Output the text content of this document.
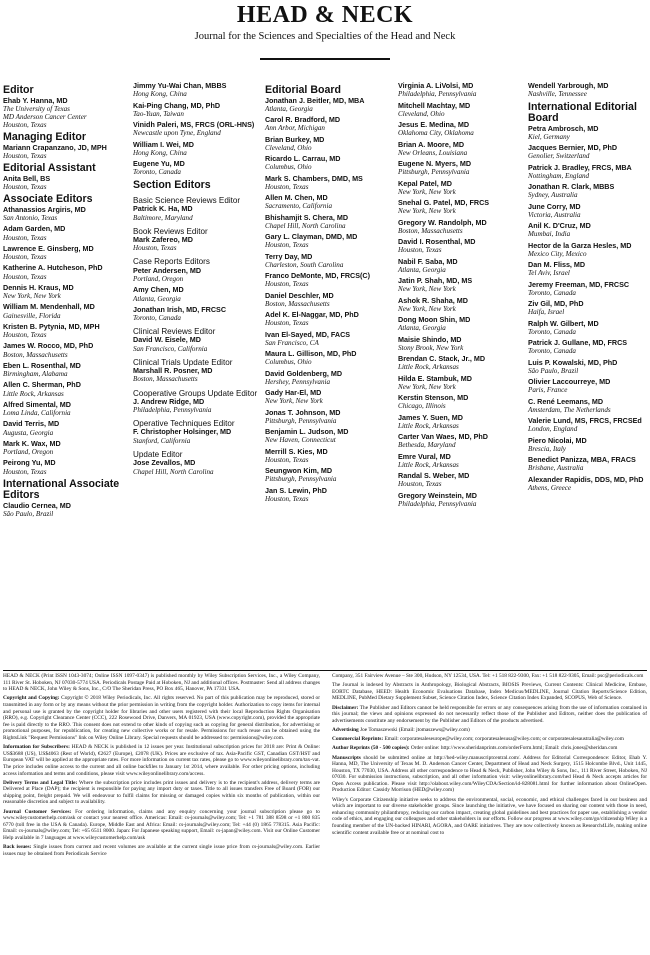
HEAD & NECK
Journal for the Sciences and Specialties of the Head and Neck
Editor
Ehab Y. Hanna, MD
The University of Texas
MD Anderson Cancer Center
Houston, Texas
Managing Editor
Mariann Crapanzano, JD, MPH
Houston, Texas
Editorial Assistant
Anita Bell, BS
Houston, Texas
Associate Editors
Athanassios Argiris, MD
San Antonio, Texas
Adam Garden, MD
Houston, Texas
Lawrence E. Ginsberg, MD
Houston, Texas
Katherine A. Hutcheson, PhD
Houston, Texas
Dennis H. Kraus, MD
New York, New York
William M. Mendenhall, MD
Gainesville, Florida
Kristen B. Pytynia, MD, MPH
Houston, Texas
James W. Rocco, MD, PhD
Boston, Massachusetts
Eben L. Rosenthal, MD
Birmingham, Alabama
Allen C. Sherman, PhD
Little Rock, Arkansas
Alfred Simental, MD
Loma Linda, California
David Terris, MD
Augusta, Georgia
Mark K. Wax, MD
Portland, Oregon
Peirong Yu, MD
Houston, Texas
International Associate Editors
Claudio Cernea, MD
São Paulo, Brazil
Jimmy Yu-Wai Chan, MBBS
Hong Kong, China
Kai-Ping Chang, MD, PhD
Tao-Yuan, Taiwan
Vinidh Paleri, MS, FRCS (ORL-HNS)
Newcastle upon Tyne, England
William I. Wei, MD
Hong Kong, China
Eugene Yu, MD
Toronto, Canada
Section Editors
Basic Science Reviews Editor
Patrick K. Ha, MD
Baltimore, Maryland
Book Reviews Editor
Mark Zafereo, MD
Houston, Texas
Case Reports Editors
Peter Andersen, MD
Portland, Oregon
Amy Chen, MD
Atlanta, Georgia
Jonathan Irish, MD, FRCSC
Toronto, Canada
Clinical Reviews Editor
David W. Eisele, MD
San Francisco, California
Clinical Trials Update Editor
Marshall R. Posner, MD
Boston, Massachusetts
Cooperative Groups Update Editor
J. Andrew Ridge, MD
Philadelphia, Pennsylvania
Operative Techniques Editor
F. Christopher Holsinger, MD
Stanford, California
Update Editor
Jose Zevallos, MD
Chapel Hill, North Carolina
Editorial Board
Jonathan J. Beitler, MD, MBA
Atlanta, Georgia
Carol R. Bradford, MD
Ann Arbor, Michigan
Brian Burkey, MD
Cleveland, Ohio
Ricardo L. Carrau, MD
Columbus, Ohio
Mark S. Chambers, DMD, MS
Houston, Texas
Allen M. Chen, MD
Sacramento, California
Bhishamjit S. Chera, MD
Chapel Hill, North Carolina
Gary L. Clayman, DMD, MD
Houston, Texas
Terry Day, MD
Charleston, South Carolina
Franco DeMonte, MD, FRCS(C)
Houston, Texas
Daniel Deschler, MD
Boston, Massachusetts
Adel K. El-Naggar, MD, PhD
Houston, Texas
Ivan El-Sayed, MD, FACS
San Francisco, CA
Maura L. Gillison, MD, PhD
Columbus, Ohio
David Goldenberg, MD
Hershey, Pennsylvania
Gady Har-El, MD
New York, New York
Jonas T. Johnson, MD
Pittsburgh, Pennsylvania
Benjamin L. Judson, MD
New Haven, Connecticut
Merrill S. Kies, MD
Houston, Texas
Seungwon Kim, MD
Pittsburgh, Pennsylvania
Jan S. Lewin, PhD
Houston, Texas
Virginia A. LiVolsi, MD
Philadelphia, Pennsylvania
Mitchell Machtay, MD
Cleveland, Ohio
Jesus E. Medina, MD
Oklahoma City, Oklahoma
Brian A. Moore, MD
New Orleans, Louisiana
Eugene N. Myers, MD
Pittsburgh, Pennsylvania
Kepal Patel, MD
New York, New York
Snehal G. Patel, MD, FRCS
New York, New York
Gregory W. Randolph, MD
Boston, Massachusetts
David I. Rosenthal, MD
Houston, Texas
Nabil F. Saba, MD
Atlanta, Georgia
Jatin P. Shah, MD, MS
New York, New York
Ashok R. Shaha, MD
New York, New York
Dong Moon Shin, MD
Atlanta, Georgia
Maisie Shindo, MD
Stony Brook, New York
Brendan C. Stack, Jr., MD
Little Rock, Arkansas
Hilda E. Stambuk, MD
New York, New York
Kerstin Stenson, MD
Chicago, Illinois
James Y. Suen, MD
Little Rock, Arkansas
Carter Van Waes, MD, PhD
Bethesda, Maryland
Emre Vural, MD
Little Rock, Arkansas
Randal S. Weber, MD
Houston, Texas
Gregory Weinstein, MD
Philadelphia, Pennsylvania
Wendell Yarbrough, MD
Nashville, Tennessee
International Editorial Board
Petra Ambrosch, MD
Kiel, Germany
Jacques Bernier, MD, PhD
Genolier, Switzerland
Patrick J. Bradley, FRCS, MBA
Nottingham, England
Jonathan R. Clark, MBBS
Sydney, Australia
June Corry, MD
Victoria, Australia
Anil K. D'Cruz, MD
Mumbai, India
Hector de la Garza Hesles, MD
Mexico City, Mexico
Dan M. Fliss, MD
Tel Aviv, Israel
Jeremy Freeman, MD, FRCSC
Toronto, Canada
Ziv Gil, MD, PhD
Haifa, Israel
Ralph W. Gilbert, MD
Toronto, Canada
Patrick J. Gullane, MD, FRCS
Toronto, Canada
Luis P. Kowalski, MD, PhD
São Paulo, Brazil
Olivier Laccourreye, MD
Paris, France
C. René Leemans, MD
Amsterdam, The Netherlands
Valerie Lund, MS, FRCS, FRCSEd
London, England
Piero Nicolai, MD
Brescia, Italy
Benedict Panizza, MBA, FRACS
Brisbane, Australia
Alexander Rapidis, DDS, MD, PhD
Athens, Greece

HEAD & NECK (Print ISSN 1043-3074; Online ISSN 1097-0347) is published monthly by Wiley Subscription Services, Inc., a Wiley Company, 111 River St. Hoboken, NJ 07030-5774 USA. Periodicals Postage Paid at Hoboken, NJ and additional offices. Postmaster: Send all address changes to HEAD & NECK, John Wiley & Sons, Inc., C/O The Sheridan Press, PO Box 465, Hanover, PA 17331 USA.

Copyright and Copying: Copyright © 2018 Wiley Periodicals, Inc. All rights reserved. No part of this publication may be reproduced, stored or transmitted in any form or by any means without the prior permission in writing from the copyright holder. Authorization to copy items for internal and personal use is granted by the copyright holder for libraries and other users registered with their local Reproduction Rights Organisation (RRO), e.g. Copyright Clearance Center (CCC), 222 Rosewood Drive, Danvers, MA 01923, USA (www.copyright.com), provided the appropriate fee is paid directly to the RRO. This consent does not extend to other kinds of copying such as copying for general distribution, for advertising or promotional purposes, for republication, for creating new collective works or for resale. Permissions for such reuse can be obtained using the RightsLink "Request Permissions" link on Wiley Online Library. Special requests should be addressed to: permissions@wiley.com.

Information for Subscribers: HEAD & NECK is published in 12 issues per year. Institutional subscription prices for 2018 are: Print & Online: US$3688 (US), US$4063 (Rest of World), €2627 (Europe), £2078 (UK). Prices are exclusive of tax. Asia-Pacific GST, Canadian GST/HST and European VAT will be applied at the appropriate rates. For more information on current tax rates, please go to www.wileyonlinelibrary.com/tax-vat. The price includes online access to the current and all online backfiles to January 1st 2014, where available. For other pricing options, including access information and terms and conditions, please visit www.wileyonlinelibrary.com/access.

Delivery Terms and Legal Title: Where the subscription price includes print issues and delivery is to the recipient's address, delivery terms are Delivered at Place (DAP); the recipient is responsible for paying any import duty or taxes. Title to all issues transfers Free of Board (FOB) our shipping point, freight prepaid. We will endeavour to fulfil claims for missing or damaged copies within six months of publication, within our reasonable discretion and subject to availability.

Journal Customer Services: For ordering information, claims and any enquiry concerning your journal subscription please go to www.wileycustomerhelp.com/ask or contact your nearest office. Americas: Email: cs-journals@wiley.com; Tel: +1 781 388 8598 or +1 800 835 6770 (toll free in the USA & Canada). Europe, Middle East and Africa: Email: cs-journals@wiley.com; Tel: +44 (0) 1865 778315. Asia Pacific: Email: cs-journals@wiley.com; Tel: +65 6511 8000. Japan: For Japanese speaking support, Email: cs-japan@wiley.com. Visit our Online Customer Help available in 7 languages at www.wileycustomerhelp.com/ask

Back issues: Single issues from current and recent volumes are available at the current single issue price from cs-journals@wiley.com. Earlier issues may be obtained from Periodicals Service

Company, 351 Fairview Avenue – Ste 300, Hudson, NY 12534, USA. Tel: +1 518 822-9300, Fax: +1 518 822-9305, Email: psc@periodicals.com

The Journal is indexed by Abstracts in Anthropology, Biological Abstracts, BIOSIS Previews, Current Contents: Clinical Medicine, Embase, EORTC Database, HEED: Health Economic Evaluations Database, Index Medicus/MEDLINE, Journal Citation Reports/Science Edition, MEDLINE, PubMed Dietary Supplement Subset, Science Citation Index, Science Citation Index Expanded, SCOPUS, Web of Science.

Disclaimer: The Publisher and Editors cannot be held responsible for errors or any consequences arising from the use of information contained in this journal; the views and opinions expressed do not necessarily reflect those of the Publisher and Editors, neither does the publication of advertisements constitute any endorsement by the Publisher and Editors of the products advertised.

Advertising Joe Tomaszewski (Email: jtomaszews@wiley.com)

Commercial Reprints: Email: corporatesaleseurope@wiley.com; corporatesalesusa@wiley.com; or corporatesalesaustralia@wiley.com

Author Reprints (50 - 500 copies): Order online: http://www.sheridanprints.com/orderForm.html; Email: chris.jones@sheridan.com

Manuscripts should be submitted online at http://hed-wiley.manuscriptcentral.com/. Address for Editorial Correspondence: Editor, Ehab Y. Hanna, MD, The University of Texas M. D. Anderson Cancer Center, Department of Head and Neck Surgery, 1515 Holcombe Blvd., Unit 1445, Houston, TX 77030, USA. Address all other correspondence to Head & Neck, Publisher, John Wiley & Sons, Inc., 111 River Street, Hoboken, NJ 07030. For submission instructions, subscription, and all other information visit: wileyonlinelibrary.com/hed Head & Neck accepts articles for Open Access publication. Please visit http://olabout.wiley.com/WileyCDA/Section/id-828081.html for further information about OnlineOpen. Production Editor: Cassidy Morrison (HED@wiley.com)

Wiley's Corporate Citizenship initiative seeks to address the environmental, social, economic, and ethical challenges faced in our business and which are important to our diverse stakeholder groups. Since launching the initiative, we have focused on sharing our content with those in need, enhancing community philanthropy, reducing our carbon impact, creating global guidelines and best practices for paper use, establishing a vendor code of ethics, and engaging our colleagues and other stakeholders in our efforts. Follow our progress at www.wiley.com/go/citizenship Wiley is a founding member of the UN-backed HINARI, AGORA, and OARE initiatives. They are now collectively known as Research4Life, making online scientific content available free or at nominal cost to
